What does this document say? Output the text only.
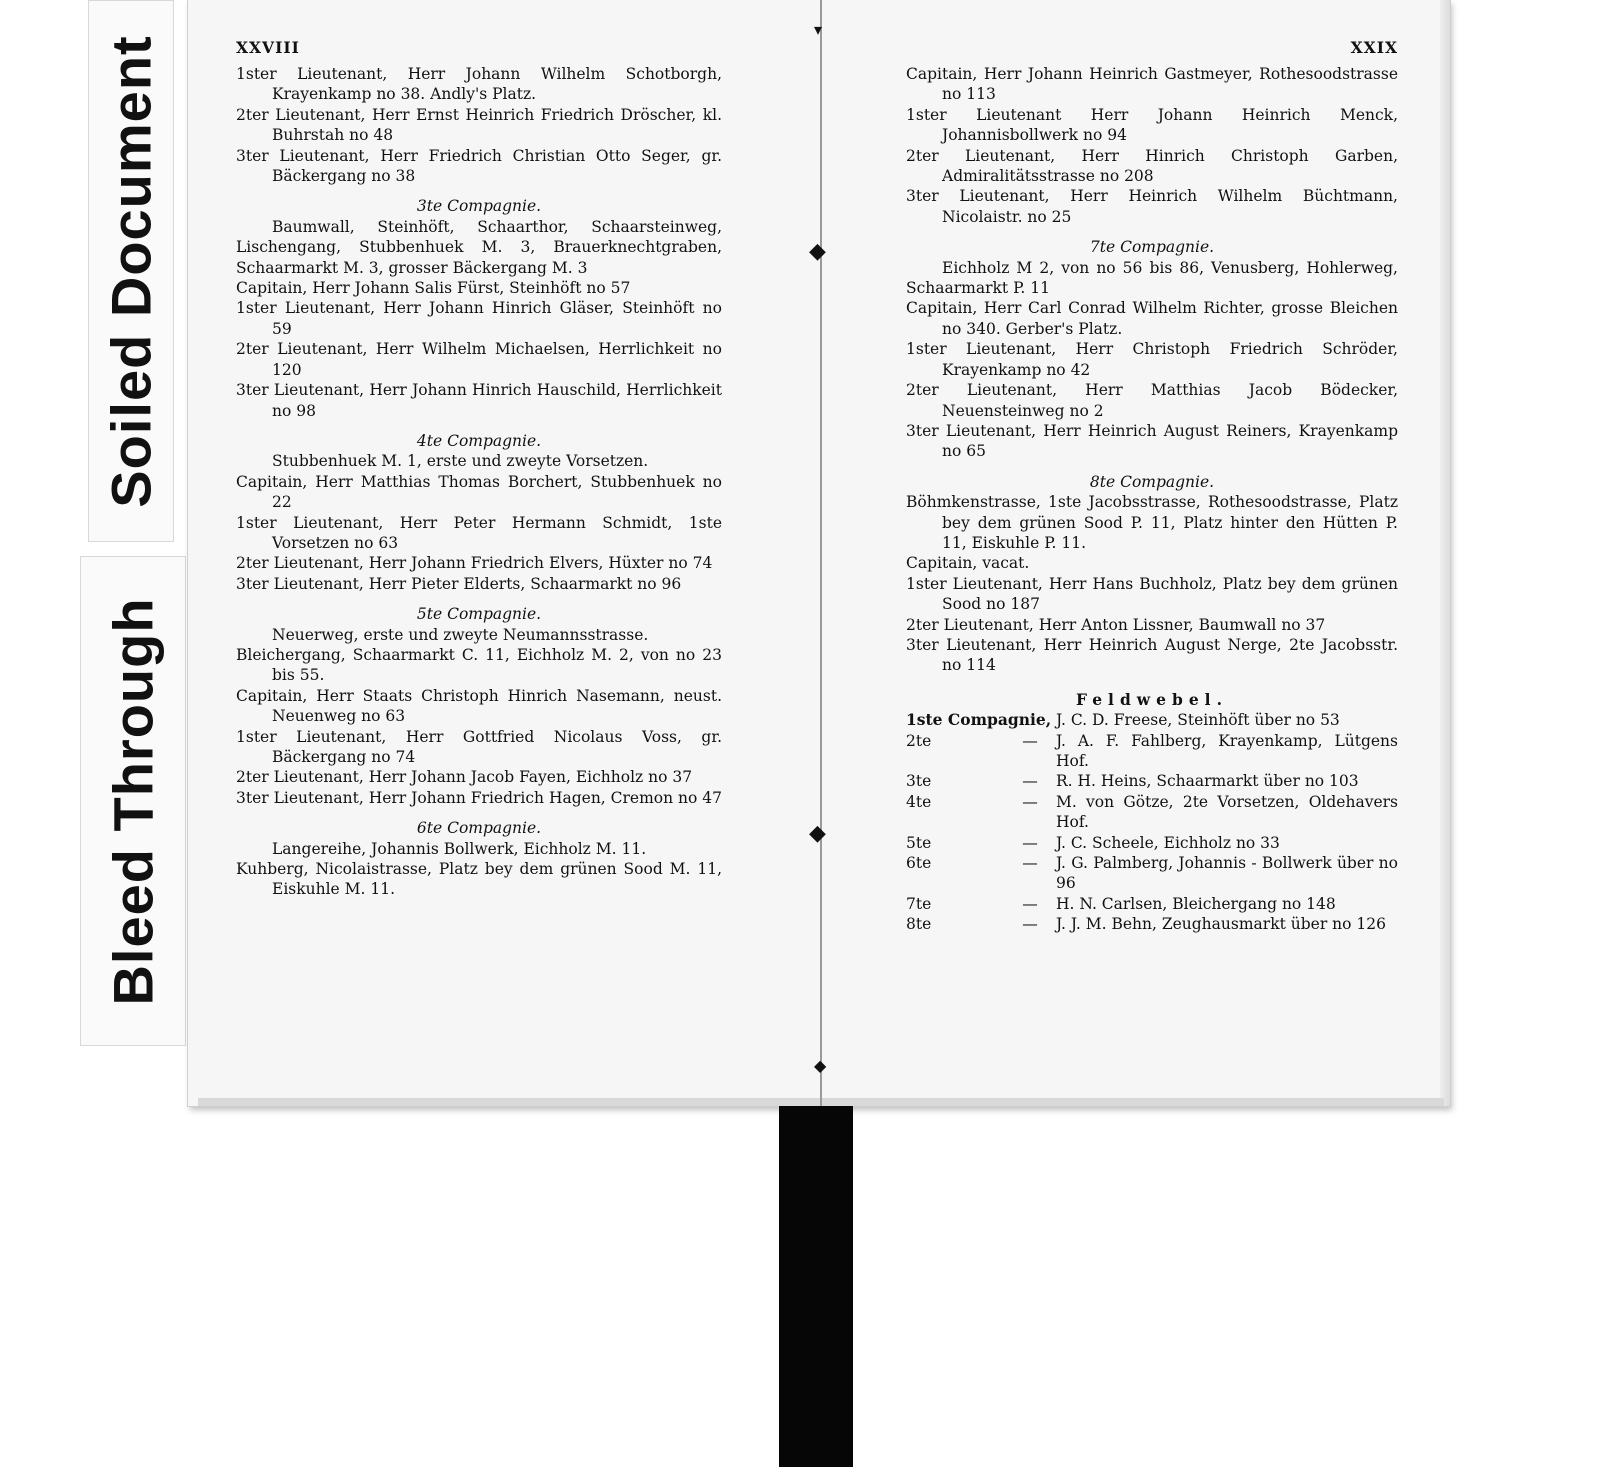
Soiled Document
Bleed Through
▾
◆
◆
◆
XXVIII
1ster Lieutenant, Herr Johann Wilhelm Schotborgh, Krayenkamp no 38. Andly's Platz.
2ter Lieutenant, Herr Ernst Heinrich Friedrich Dröscher, kl. Buhrstah no 48
3ter Lieutenant, Herr Friedrich Christian Otto Seger, gr. Bäckergang no 38
3te Compagnie.
Baumwall, Steinhöft, Schaarthor, Schaarsteinweg, Lischengang, Stubbenhuek M. 3, Brauerknechtgraben, Schaarmarkt M. 3, grosser Bäckergang M. 3
Capitain, Herr Johann Salis Fürst, Steinhöft no 57
1ster Lieutenant, Herr Johann Hinrich Gläser, Steinhöft no 59
2ter Lieutenant, Herr Wilhelm Michaelsen, Herrlichkeit no 120
3ter Lieutenant, Herr Johann Hinrich Hauschild, Herrlichkeit no 98
4te Compagnie.
Stubbenhuek M. 1, erste und zweyte Vorsetzen.
Capitain, Herr Matthias Thomas Borchert, Stubbenhuek no 22
1ster Lieutenant, Herr Peter Hermann Schmidt, 1ste Vorsetzen no 63
2ter Lieutenant, Herr Johann Friedrich Elvers, Hüxter no 74
3ter Lieutenant, Herr Pieter Elderts, Schaarmarkt no 96
5te Compagnie.
Neuerweg, erste und zweyte Neumannsstrasse.
Bleichergang, Schaarmarkt C. 11, Eichholz M. 2, von no 23 bis 55.
Capitain, Herr Staats Christoph Hinrich Nasemann, neust. Neuenweg no 63
1ster Lieutenant, Herr Gottfried Nicolaus Voss, gr. Bäckergang no 74
2ter Lieutenant, Herr Johann Jacob Fayen, Eichholz no 37
3ter Lieutenant, Herr Johann Friedrich Hagen, Cremon no 47
6te Compagnie.
Langereihe, Johannis Bollwerk, Eichholz M. 11.
Kuhberg, Nicolaistrasse, Platz bey dem grünen Sood M. 11, Eiskuhle M. 11.
XXIX
Capitain, Herr Johann Heinrich Gastmeyer, Rothesoodstrasse no 113
1ster Lieutenant Herr Johann Heinrich Menck, Johannisbollwerk no 94
2ter Lieutenant, Herr Hinrich Christoph Garben, Admiralitätsstrasse no 208
3ter Lieutenant, Herr Heinrich Wilhelm Büchtmann, Nicolaistr. no 25
7te Compagnie.
Eichholz M 2, von no 56 bis 86, Venusberg, Hohlerweg, Schaarmarkt P. 11
Capitain, Herr Carl Conrad Wilhelm Richter, grosse Bleichen no 340. Gerber's Platz.
1ster Lieutenant, Herr Christoph Friedrich Schröder, Krayenkamp no 42
2ter Lieutenant, Herr Matthias Jacob Bödecker, Neuensteinweg no 2
3ter Lieutenant, Herr Heinrich August Reiners, Krayenkamp no 65
8te Compagnie.
Böhmkenstrasse, 1ste Jacobsstrasse, Rothesoodstrasse, Platz bey dem grünen Sood P. 11, Platz hinter den Hütten P. 11, Eiskuhle P. 11.
Capitain, vacat.
1ster Lieutenant, Herr Hans Buchholz, Platz bey dem grünen Sood no 187
2ter Lieutenant, Herr Anton Lissner, Baumwall no 37
3ter Lieutenant, Herr Heinrich August Nerge, 2te Jacobsstr. no 114
Feldwebel.
1ste Compagnie, J. C. D. Freese, Steinhöft über no 53
2te	—	J. A. F. Fahlberg, Krayenkamp, Lütgens Hof.
3te	—	R. H. Heins, Schaarmarkt über no 103
4te	—	M. von Götze, 2te Vorsetzen, Oldehavers Hof.
5te	—	J. C. Scheele, Eichholz no 33
6te	—	J. G. Palmberg, Johannis - Bollwerk über no 96
7te	—	H. N. Carlsen, Bleichergang no 148
8te	—	J. J. M. Behn, Zeughausmarkt über no 126
